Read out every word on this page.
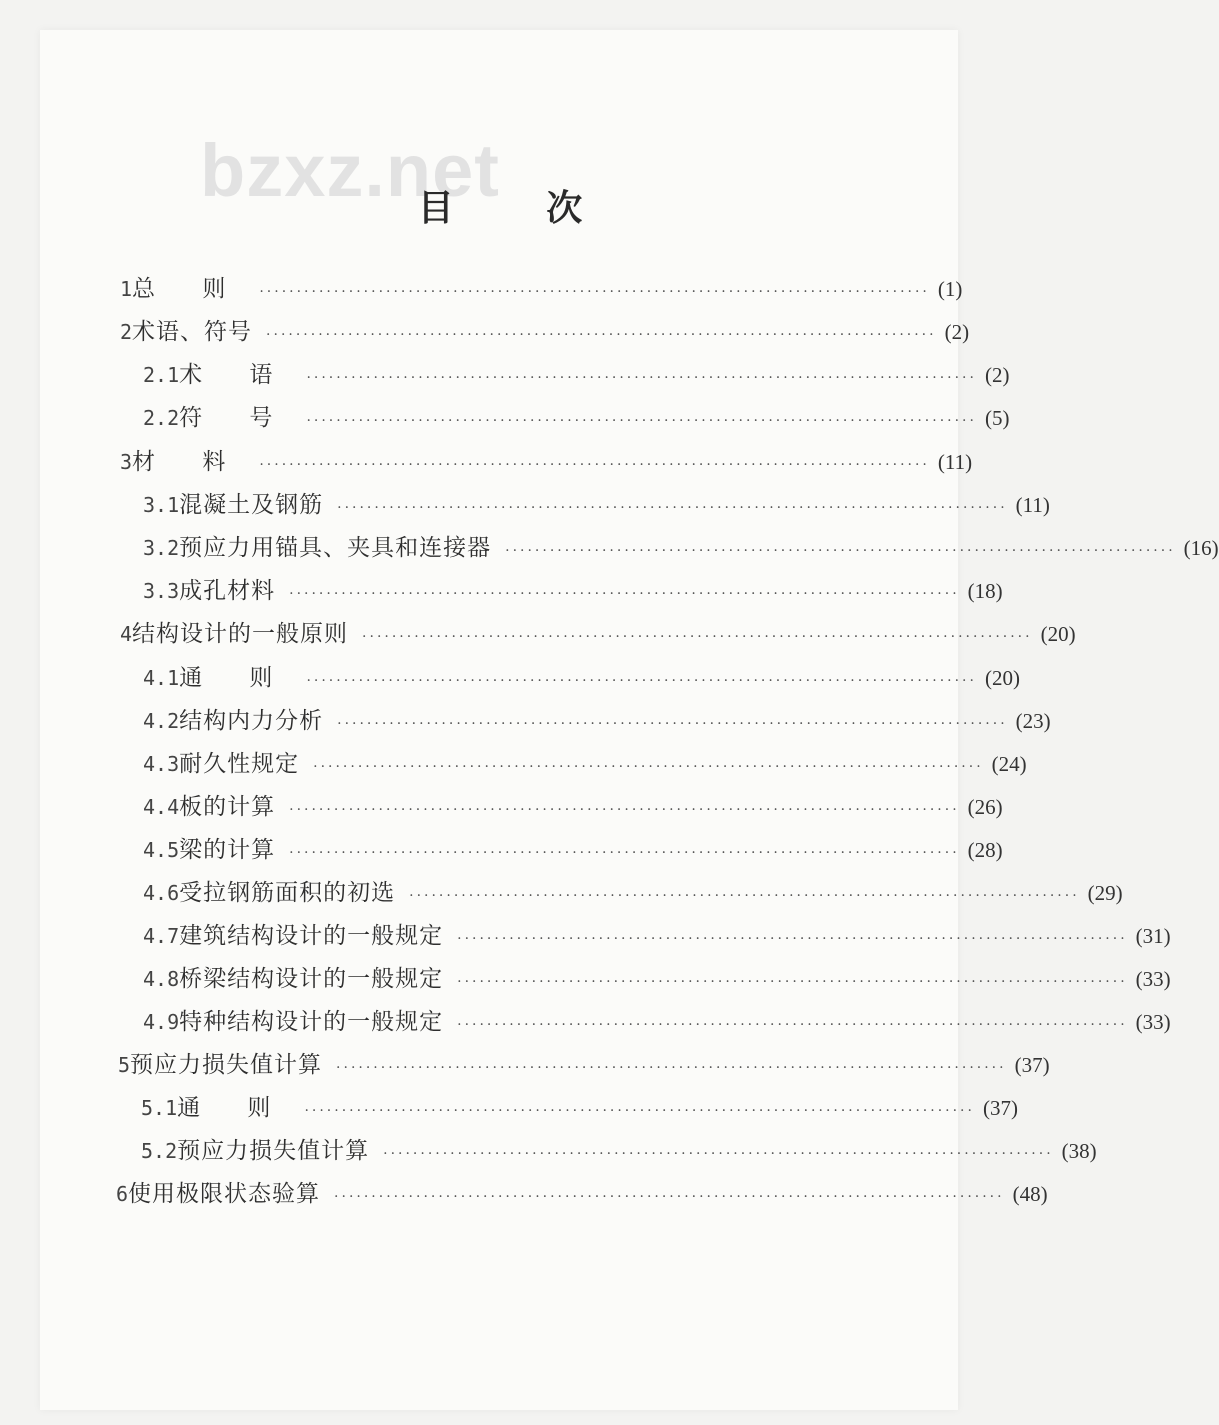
bzxz.net
目 次
1 总 则 ·························································································· (1)
2 术语、符号 ·························································································· (2)
2.1 术 语 ·························································································· (2)
2.2 符 号 ·························································································· (5)
3 材 料 ·························································································· (11)
3.1 混凝土及钢筋 ·························································································· (11)
3.2 预应力用锚具、夹具和连接器 ·························································································· (16)
3.3 成孔材料 ·························································································· (18)
4 结构设计的一般原则 ·························································································· (20)
4.1 通 则 ·························································································· (20)
4.2 结构内力分析 ·························································································· (23)
4.3 耐久性规定 ·························································································· (24)
4.4 板的计算 ·························································································· (26)
4.5 梁的计算 ·························································································· (28)
4.6 受拉钢筋面积的初选 ·························································································· (29)
4.7 建筑结构设计的一般规定 ·························································································· (31)
4.8 桥梁结构设计的一般规定 ·························································································· (33)
4.9 特种结构设计的一般规定 ·························································································· (33)
5 预应力损失值计算 ·························································································· (37)
5.1 通 则 ·························································································· (37)
5.2 预应力损失值计算 ·························································································· (38)
6 使用极限状态验算 ·························································································· (48)
